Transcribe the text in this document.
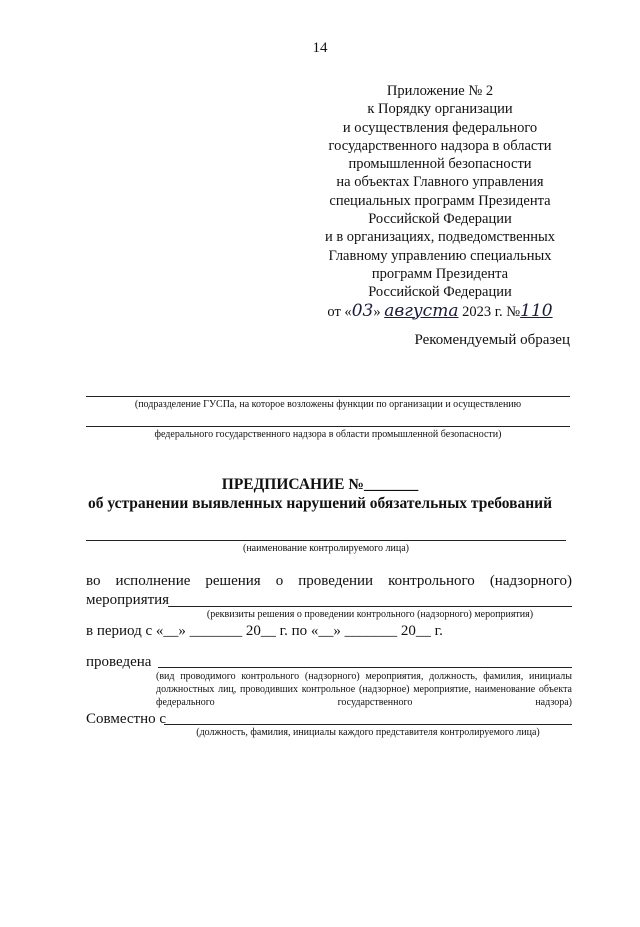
14
Приложение № 2
к Порядку организации
и осуществления федерального
государственного надзора в области
промышленной безопасности
на объектах Главного управления
специальных программ Президента
Российской Федерации
и в организациях, подведомственных
Главному управлению специальных
программ Президента
Российской Федерации
от «03» августа 2023 г. №110
Рекомендуемый образец
(подразделение ГУСПа, на которое возложены функции по организации и осуществлению
федерального государственного надзора в области промышленной безопасности)
ПРЕДПИСАНИЕ №_______
об устранении выявленных нарушений обязательных требований
(наименование контролируемого лица)
во исполнение решения о проведении контрольного (надзорного)
мероприятия
(реквизиты решения о проведении контрольного (надзорного) мероприятия)
в период с «__» _______ 20__ г. по «__» _______ 20__ г.
проведена
(вид проводимого контрольного (надзорного) мероприятия, должность, фамилия, инициалы должностных лиц, проводивших контрольное (надзорное) мероприятие, наименование объекта федерального государственного надзора)
Совместно с
(должность, фамилия, инициалы каждого представителя контролируемого лица)
